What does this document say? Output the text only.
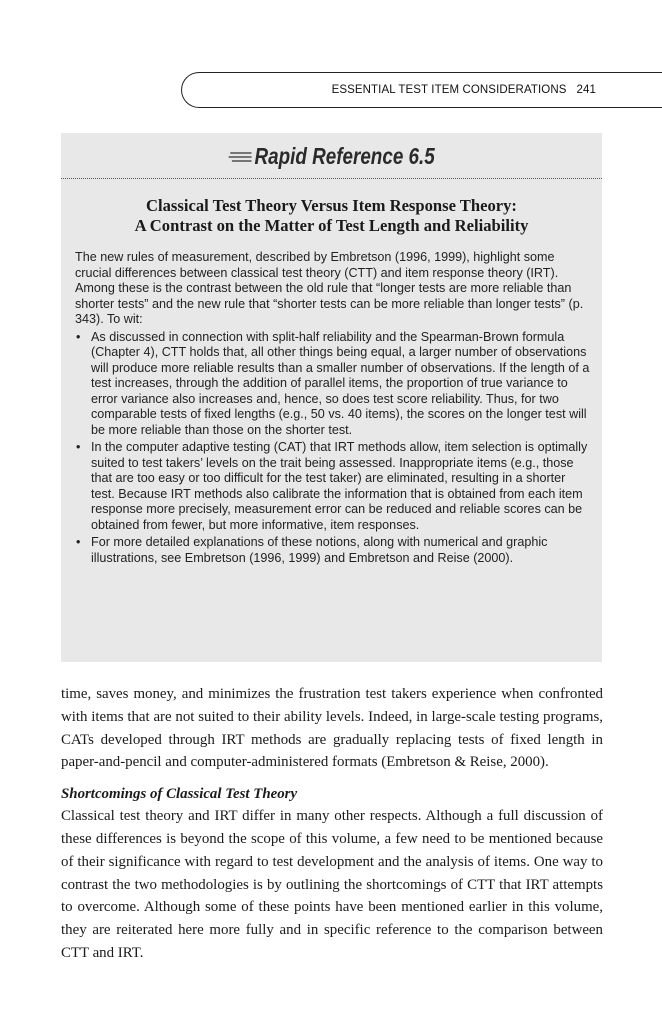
ESSENTIAL TEST ITEM CONSIDERATIONS 241
Rapid Reference 6.5
Classical Test Theory Versus Item Response Theory:
A Contrast on the Matter of Test Length and Reliability

The new rules of measurement, described by Embretson (1996, 1999), highlight some crucial differences between classical test theory (CTT) and item response theory (IRT). Among these is the contrast between the old rule that “longer tests are more reliable than shorter tests” and the new rule that “shorter tests can be more reliable than longer tests” (p. 343). To wit:

• As discussed in connection with split-half reliability and the Spearman-Brown formula (Chapter 4), CTT holds that, all other things being equal, a larger number of observations will produce more reliable results than a smaller number of observations. If the length of a test increases, through the addition of parallel items, the proportion of true variance to error variance also increases and, hence, so does test score reliability. Thus, for two comparable tests of fixed lengths (e.g., 50 vs. 40 items), the scores on the longer test will be more reliable than those on the shorter test.
• In the computer adaptive testing (CAT) that IRT methods allow, item selection is optimally suited to test takers’ levels on the trait being assessed. Inappropriate items (e.g., those that are too easy or too difficult for the test taker) are eliminated, resulting in a shorter test. Because IRT methods also calibrate the information that is obtained from each item response more precisely, measurement error can be reduced and reliable scores can be obtained from fewer, but more informative, item responses.
• For more detailed explanations of these notions, along with numerical and graphic illustrations, see Embretson (1996, 1999) and Embretson and Reise (2000).

time, saves money, and minimizes the frustration test takers experience when confronted with items that are not suited to their ability levels. Indeed, in large-scale testing programs, CATs developed through IRT methods are gradually replacing tests of fixed length in paper-and-pencil and computer-administered formats (Embretson & Reise, 2000).

Shortcomings of Classical Test Theory

Classical test theory and IRT differ in many other respects. Although a full discussion of these differences is beyond the scope of this volume, a few need to be mentioned because of their significance with regard to test development and the analysis of items. One way to contrast the two methodologies is by outlining the shortcomings of CTT that IRT attempts to overcome. Although some of these points have been mentioned earlier in this volume, they are reiterated here more fully and in specific reference to the comparison between CTT and IRT.
